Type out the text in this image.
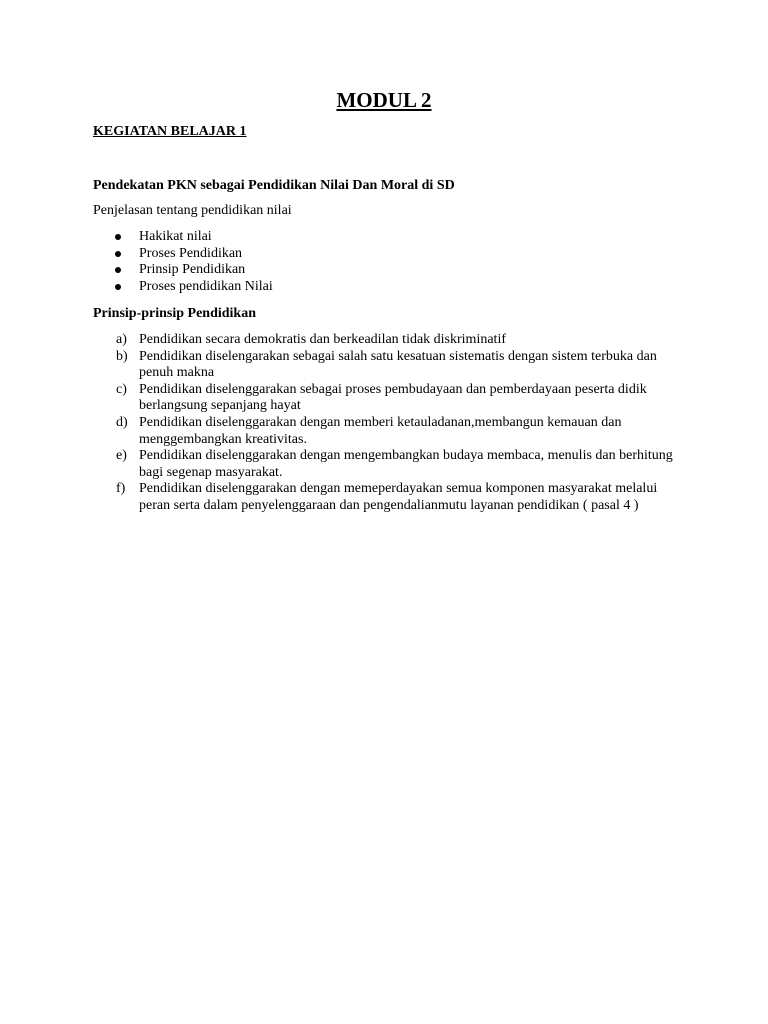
MODUL 2
KEGIATAN BELAJAR 1
Pendekatan PKN sebagai Pendidikan Nilai Dan Moral di SD
Penjelasan tentang pendidikan nilai
Hakikat nilai
Proses Pendidikan
Prinsip Pendidikan
Proses pendidikan Nilai
Prinsip-prinsip Pendidikan
a) Pendidikan secara demokratis dan berkeadilan tidak diskriminatif
b) Pendidikan diselengarakan sebagai salah satu kesatuan sistematis dengan sistem terbuka dan penuh makna
c) Pendidikan diselenggarakan sebagai proses pembudayaan dan pemberdayaan peserta didik berlangsung sepanjang hayat
d) Pendidikan diselenggarakan dengan memberi ketauladanan,membangun kemauan dan menggembangkan kreativitas.
e) Pendidikan diselenggarakan dengan mengembangkan budaya membaca, menulis dan berhitung bagi segenap masyarakat.
f) Pendidikan diselenggarakan dengan memeperdayakan semua komponen masyarakat melalui peran serta dalam penyelenggaraan dan pengendalianmutu layanan pendidikan ( pasal 4 )
